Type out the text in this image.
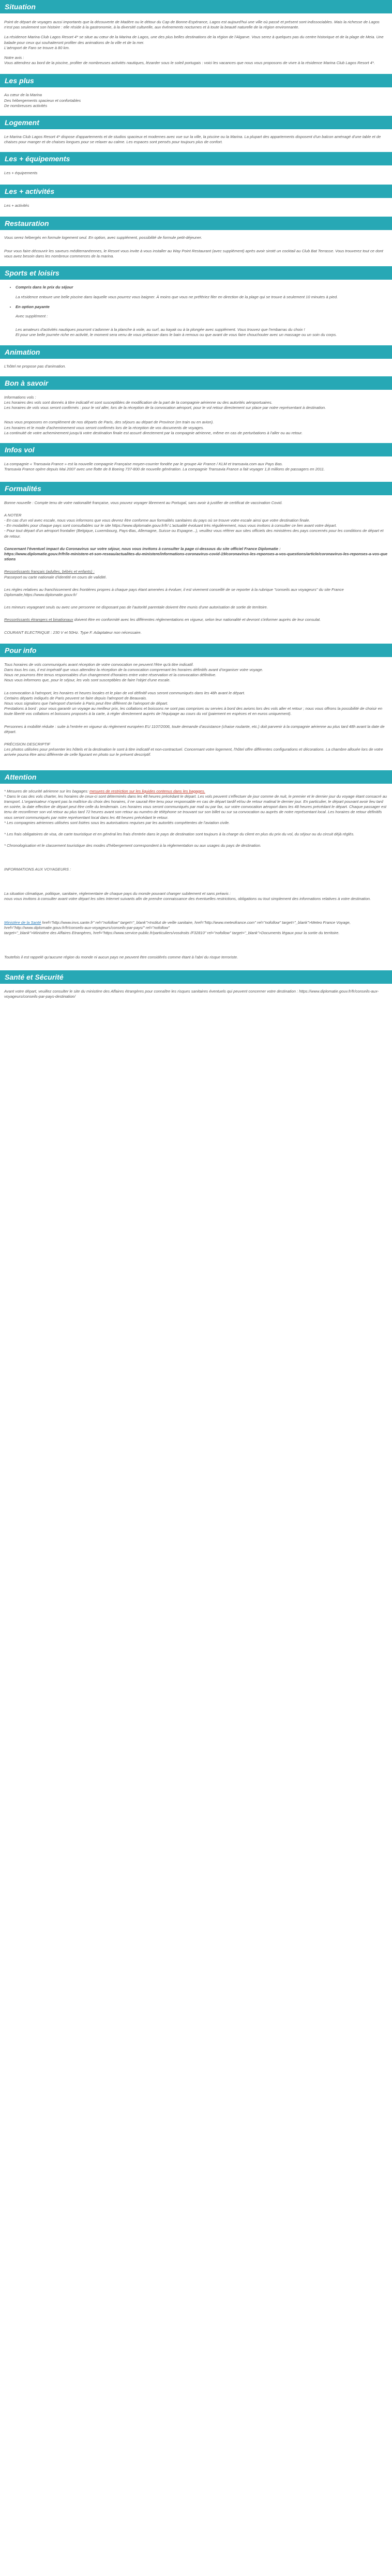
Situation

Point de départ de voyages aussi importants que la découverte de Madère ou le détour du Cap de Bonne-Espérance, Lagos est aujourd'hui une ville où passé et présent sont indissociables. Mais la richesse de Lagos n'est pas seulement son histoire : elle réside à la gastronomie, à la diversité culturelle, aux événements nocturnes et à toute la beauté naturelle de la région environnante.

La résidence Marina Club Lagos Resort 4* se situe au cœur de la Marina de Lagos, une des plus belles destinations de la région de l'Algarve. Vous serez à quelques pas du centre historique et de la plage de Meia. Une balade pour ceux qui souhaiteront profiter des animations de la ville et de la mer.
L'aéroport de Faro se trouve à 80 km.

Notre avis :
Vous attendrez au bord de la piscine, profiter de nombreuses activités nautiques, lézarder sous le soleil portugais : voici les vacances que nous vous proposons de vivre à la résidence Marina Club Lagos Resort 4*.

Les plus

Au cœur de la Marina
Des hébergements spacieux et confortables
De nombreuses activités

Logement

Le Marina Club Lagos Resort 4* dispose d'appartements et de studios spacieux et modernes avec vue sur la ville, la piscine ou la Marina. La plupart des appartements disposent d'un balcon aménagé d'une table et de chaises pour manger et de chaises longues pour se relaxer au calme. Les espaces sont pensés pour toujours plus de confort.

Les + équipements

Les + équipements

Les + activités

Les + activités

Restauration

Vous serez hébergés en formule logement seul. En option, avec supplément, possibilité de formule petit-déjeuner.

Pour vous faire découvrir les saveurs méditerranéennes, le Resort vous invite à vous installer au Way Point Restaurant (avec supplément) après avoir siroté un cocktail au Club Bat Terrasse. Vous trouverez tout ce dont vous avez besoin dans les nombreux commerces de la marina.

Sports et loisirs
• Compris dans le prix du séjour

La résidence entoure une belle piscine dans laquelle vous pourrez vous baigner. À moins que vous ne préfériez filer en direction de la plage qui se trouve à seulement 10 minutes à pied.

• En option payante

Avec supplément :

Les amateurs d'activités nautiques pourront s'adonner à la planche à voile, au surf, au kayak ou à la plongée avec supplément. Vous trouvez que l'embarras du choix !
Et pour une belle journée riche en activité, le moment sera venu de vous prélasser dans le bain à remous ou que avant de vous faire chouchouter avec un massage ou un soin du corps.

Animation

L'hôtel ne propose pas d'animation.

Bon à savoir

Informations vols :
Les horaires des vols sont donnés à titre indicatif et sont susceptibles de modification de la part de la compagnie aérienne ou des autorités aéroportuaires.
Les horaires de vols vous seront confirmés : pour le vol aller, lors de la réception de la convocation aéroport, pour le vol retour directement sur place par notre représentant à destination.

Nous vous proposons en complément de nos départs de Paris, des séjours au départ de Province (en train ou en avion).
Les horaires et le mode d'acheminement vous seront confirmés lors de la réception de vos documents de voyages.
La continuité de votre acheminement jusqu'à votre destination finale est assuré directement par la compagnie aérienne, même en cas de perturbations à l'aller ou au retour.

Infos vol

La compagnie « Transavia France » est la nouvelle compagnie Française moyen-courrier fondée par le groupe Air France / KLM et transavia.com aux Pays Bas.
Transavia France opère depuis Mai 2007 avec une flotte de 8 Boeing 737-800 de nouvelle génération. La compagnie Transavia France a fait voyager 1,8 millions de passagers en 2011.

Formalités

Bonne nouvelle : Compte tenu de votre nationalité française, vous pouvez voyager librement au Portugal, sans avoir à justifier de certificat de vaccination Covid.

A NOTER
- En cas d'un vol avec escale, nous vous informons que vous devrez être conforme aux formalités sanitaires du pays où se trouve votre escale ainsi que votre destination finale.
- En modalités pour chaque pays sont consultables sur le site https://www.diplomatie.gouv.fr/fr/ L'actualité évoluant très régulièrement, nous vous invitons à consulter ce lien avant votre départ.
- Pour tout départ d'un aéroport frontalier (Belgique, Luxembourg, Pays-Bas, Allemagne, Suisse ou Espagne...), veuillez vous référer aux sites officiels des ministères des pays concernés pour les conditions de départ et de retour.

Concernant l'éventuel impact du Coronavirus sur votre séjour, nous vous invitons à consulter la page ci-dessous du site officiel France Diplomatie :
https://www.diplomatie.gouv.fr/fr/le-ministere-et-son-reseau/actualites-du-ministere/informations-coronavirus-covid-19/coronavirus-les-reponses-a-vos-questions/article/coronavirus-les-reponses-a-vos-questions

Ressortissants français (adultes, bébés et enfants) :
Passeport ou carte nationale d'identité en cours de validité.

Les règles relatives au franchissement des frontières propres à chaque pays étant amenées à évoluer, il est vivement conseillé de se reporter à la rubrique "conseils aux voyageurs" du site France Diplomatie,https://www.diplomatie.gouv.fr/

Les mineurs voyageant seuls ou avec une personne ne disposant pas de l'autorité parentale doivent être munis d'une autorisation de sortie de territoire.

Ressortissants étrangers et binationaux doivent être en conformité avec les différentes réglementations en vigueur, selon leur nationalité et devront s'informer auprès de leur consulat.

COURANT ELECTRIQUE : 230 V et 50Hz. Type F. Adaptateur non nécessaire.

Pour info

Tous horaires de vols communiqués avant réception de votre convocation ne peuvent l'être qu'à titre indicatif.
Dans tous les cas, il est impératif que vous attendiez la réception de la convocation comprenant les horaires définitifs avant d'organiser votre voyage.
Nous ne pourrons être tenus responsables d'un changement d'horaires entre votre réservation et la convocation définitive.
Nous vous informons que, pour le séjour, les vols sont susceptibles de faire l'objet d'une escale.

La convocation à l'aéroport, les horaires et heures locales et le plan de vol définitif vous seront communiqués dans les 48h avant le départ.
Certains départs indiqués de Paris peuvent se faire depuis l'aéroport de Beauvais.
Nous vous signalons que l'aéroport d'arrivée à Paris peut être différent de l'aéroport de départ.
Prestations à bord : pour vous garantir un voyage au meilleur prix, les collations et boissons ne sont pas comprises ou servies à bord des avions lors des vols aller et retour ; nous vous offrons la possibilité de choisir en toute liberté vos collations et boissons proposés à la carte, à régler directement auprès de l'équipage au cours du vol (paiement en espèces et en euros uniquement).

Personnes à mobilité réduite : suite à l'entrée en vigueur du règlement européen EU 1107/2006, toute demande d'assistance (chaise roulante, etc.) doit parvenir à la compagnie aérienne au plus tard 48h avant la date de départ.

PRÉCISION DESCRIPTIF
Les photos utilisées pour présenter les hôtels et la destination le sont à titre indicatif et non-contractuel. Concernant votre logement, l'hôtel offre différentes configurations et décorations. La chambre allouée lors de votre arrivée pourra être ainsi différente de celle figurant en photo sur le présent descriptif.

Attention

* Mesures de sécurité aérienne sur les bagages: mesures de restriction sur les liquides contenus dans les bagages.
* Dans le cas des vols charter, les horaires de ceux-ci sont déterminés dans les 48 heures précédant le départ. Les vols peuvent s'effectuer de jour comme de nuit, le premier et le dernier jour du voyage étant consacré au transport. L'organisateur n'ayant pas la maîtrise du choix des horaires, il ne saurait être tenu pour responsable en cas de départ tardif et/ou de retour matinal le dernier jour. En particulier, le départ pouvant avoir lieu tard en soirée, la date effective de départ peut être celle du lendemain. Les horaires vous seront communiqués par mail ou par fax, sur votre convocation aéroport dans les 48 heures précédant le départ. Chaque passager est tenu de reconfirmer son vol retour au plus tard 72 heures avant son retour au numéro de téléphone se trouvant sur son billet ou sur sa convocation ou auprès de notre représentant local. Les horaires de retour définitifs vous seront communiqués par notre représentant local dans les 48 heures précédant le retour.
* Les compagnies aériennes utilisées sont listées sous les autorisations requises par les autorités compétentes de l'aviation civile.

* Les frais obligatoires de visa, de carte touristique et en général les frais d'entrée dans le pays de destination sont toujours à la charge du client en plus du prix du vol, du séjour ou du circuit déjà réglés.

* Chronologisation et le classement touristique des modes d'hébergement correspondent à la réglementation ou aux usages du pays de destination.

INFORMATIONS AUX VOYAGEURS :

La situation climatique, politique, sanitaire, réglementaire de chaque pays du monde pouvant changer subitement et sans préavis :
nous vous invitons à consulter avant votre départ les sites Internet suivants afin de prendre connaissance des éventuelles restrictions, obligations ou tout simplement des informations relatives à votre destination.

Ministère de la Santé href="http://www.invs.sante.fr" rel="nofollow" target="_blank">Institut de veille sanitaire, href="http://www.meteofrance.com" rel="nofollow" target="_blank">Meteo France Voyage,
href="http://www.diplomatie.gouv.fr/fr/conseils-aux-voyageurs/conseils-par-pays/" rel="nofollow"
target="_blank">Ministère des Affaires Etrangères, href="https://www.service-public.fr/particuliers/vosdroits /F32810" rel="nofollow" target="_blank">Documents légaux pour la sortie du territoire.

Toutefois il est rappelé qu'aucune région du monde ni aucun pays ne peuvent être considérés comme étant à l'abri du risque terroriste.

Santé et Sécurité

Avant votre départ, veuillez consulter le site du ministère des Affaires étrangères pour connaître les risques sanitaires éventuels qui peuvent concerner votre destination : https://www.diplomatie.gouv.fr/fr/conseils-aux-voyageurs/conseils-par-pays-destination/
